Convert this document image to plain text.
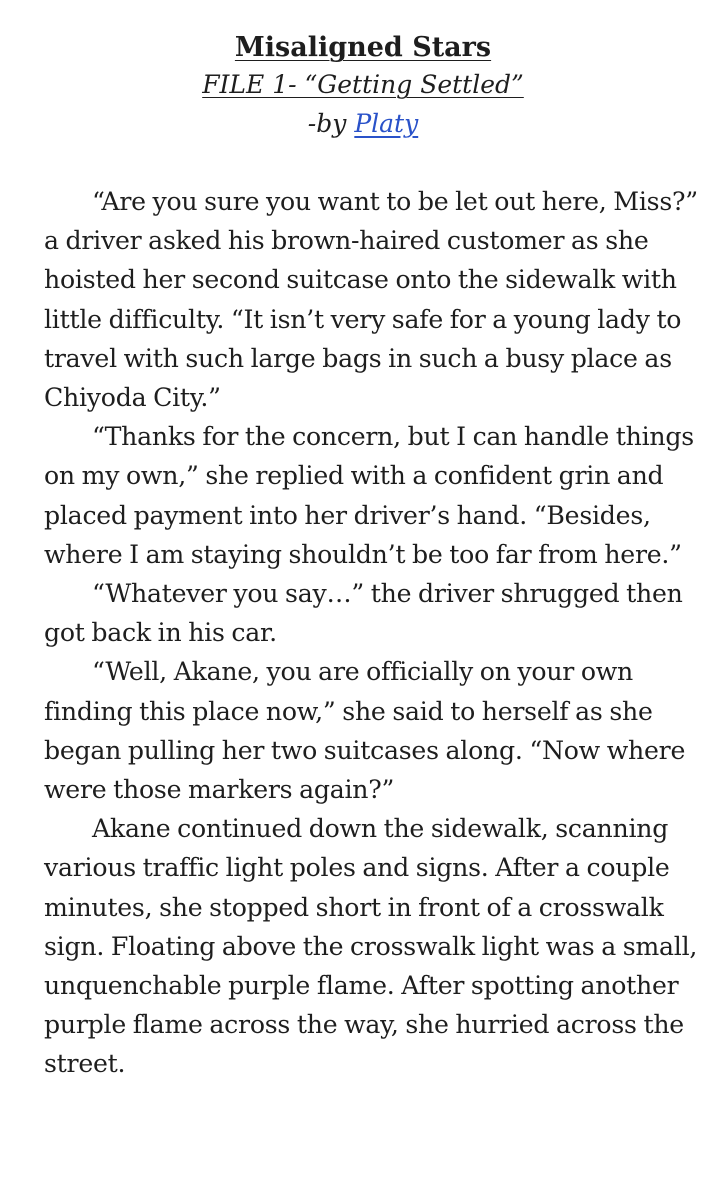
Misaligned Stars
FILE 1- “Getting Settled”
-by Platy

“Are you sure you want to be let out here, Miss?” a driver asked his brown-haired customer as she hoisted her second suitcase onto the sidewalk with little difficulty. “It isn’t very safe for a young lady to travel with such large bags in such a busy place as Chiyoda City.”

“Thanks for the concern, but I can handle things on my own,” she replied with a confident grin and placed payment into her driver’s hand. “Besides, where I am staying shouldn’t be too far from here.”

“Whatever you say…” the driver shrugged then got back in his car.

“Well, Akane, you are officially on your own finding this place now,” she said to herself as she began pulling her two suitcases along. “Now where were those markers again?”

Akane continued down the sidewalk, scanning various traffic light poles and signs. After a couple minutes, she stopped short in front of a crosswalk sign. Floating above the crosswalk light was a small, unquenchable purple flame. After spotting another purple flame across the way, she hurried across the street.
